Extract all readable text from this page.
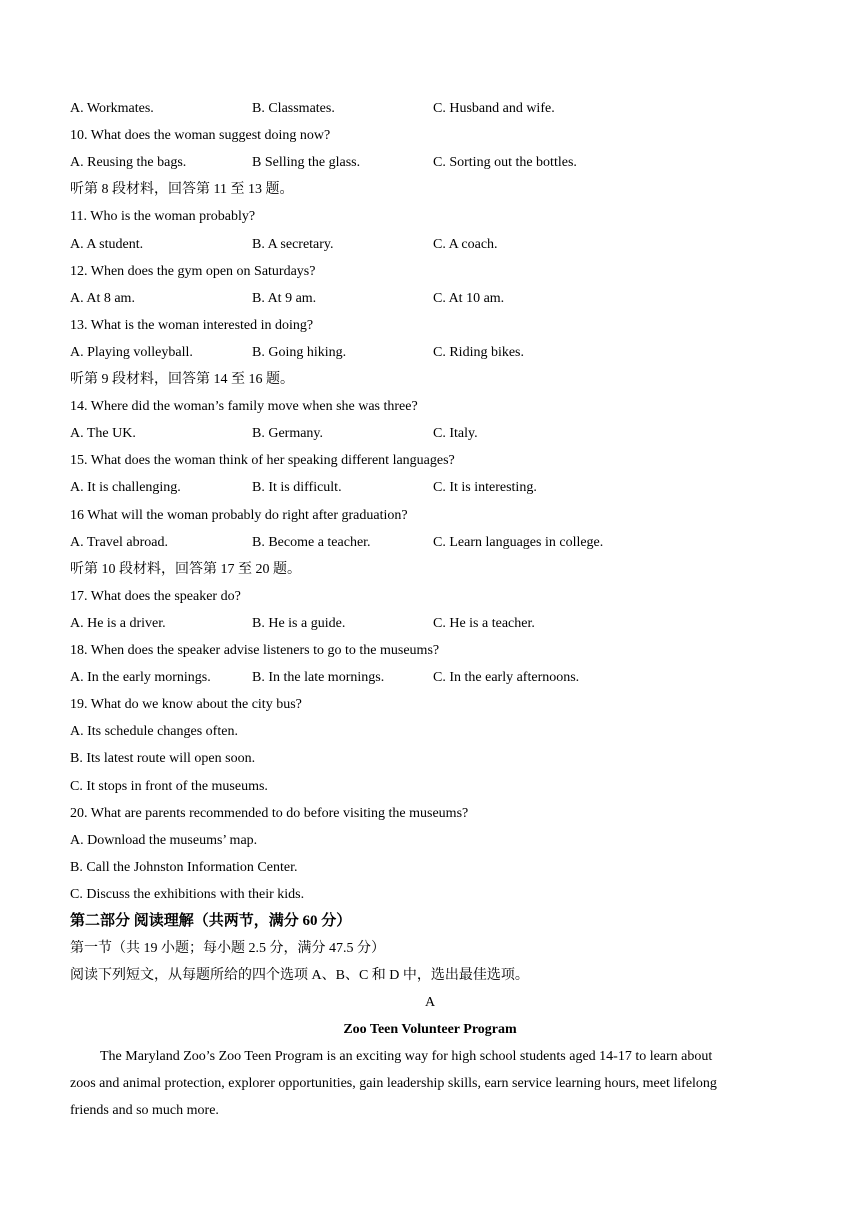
A. Workmates.	B. Classmates.	C. Husband and wife.
10. What does the woman suggest doing now?
A. Reusing the bags.	B Selling the glass.	C. Sorting out the bottles.
听第 8 段材料，回答第 11 至 13 题。
11. Who is the woman probably?
A. A student.	B. A secretary.	C. A coach.
12. When does the gym open on Saturdays?
A. At 8 am.	B. At 9 am.	C. At 10 am.
13. What is the woman interested in doing?
A. Playing volleyball.	B. Going hiking.	C. Riding bikes.
听第 9 段材料，回答第 14 至 16 题。
14. Where did the woman’s family move when she was three?
A. The UK.	B. Germany.	C. Italy.
15. What does the woman think of her speaking different languages?
A. It is challenging.	B. It is difficult.	C. It is interesting.
16 What will the woman probably do right after graduation?
A. Travel abroad.	B. Become a teacher.	C. Learn languages in college.
听第 10 段材料，回答第 17 至 20 题。
17. What does the speaker do?
A. He is a driver.	B. He is a guide.	C. He is a teacher.
18. When does the speaker advise listeners to go to the museums?
A. In the early mornings.	B. In the late mornings.	C. In the early afternoons.
19. What do we know about the city bus?
A. Its schedule changes often.
B. Its latest route will open soon.
C. It stops in front of the museums.
20. What are parents recommended to do before visiting the museums?
A. Download the museums’ map.
B. Call the Johnston Information Center.
C. Discuss the exhibitions with their kids.
第二部分 阅读理解（共两节，满分 60 分）
第一节（共 19 小题；每小题 2.5 分，满分 47.5 分）
阅读下列短文，从每题所给的四个选项 A、B、C 和 D 中，选出最佳选项。
A
Zoo Teen Volunteer Program
The Maryland Zoo’s Zoo Teen Program is an exciting way for high school students aged 14-17 to learn about
zoos and animal protection, explorer opportunities, gain leadership skills, earn service learning hours, meet lifelong
friends and so much more.
